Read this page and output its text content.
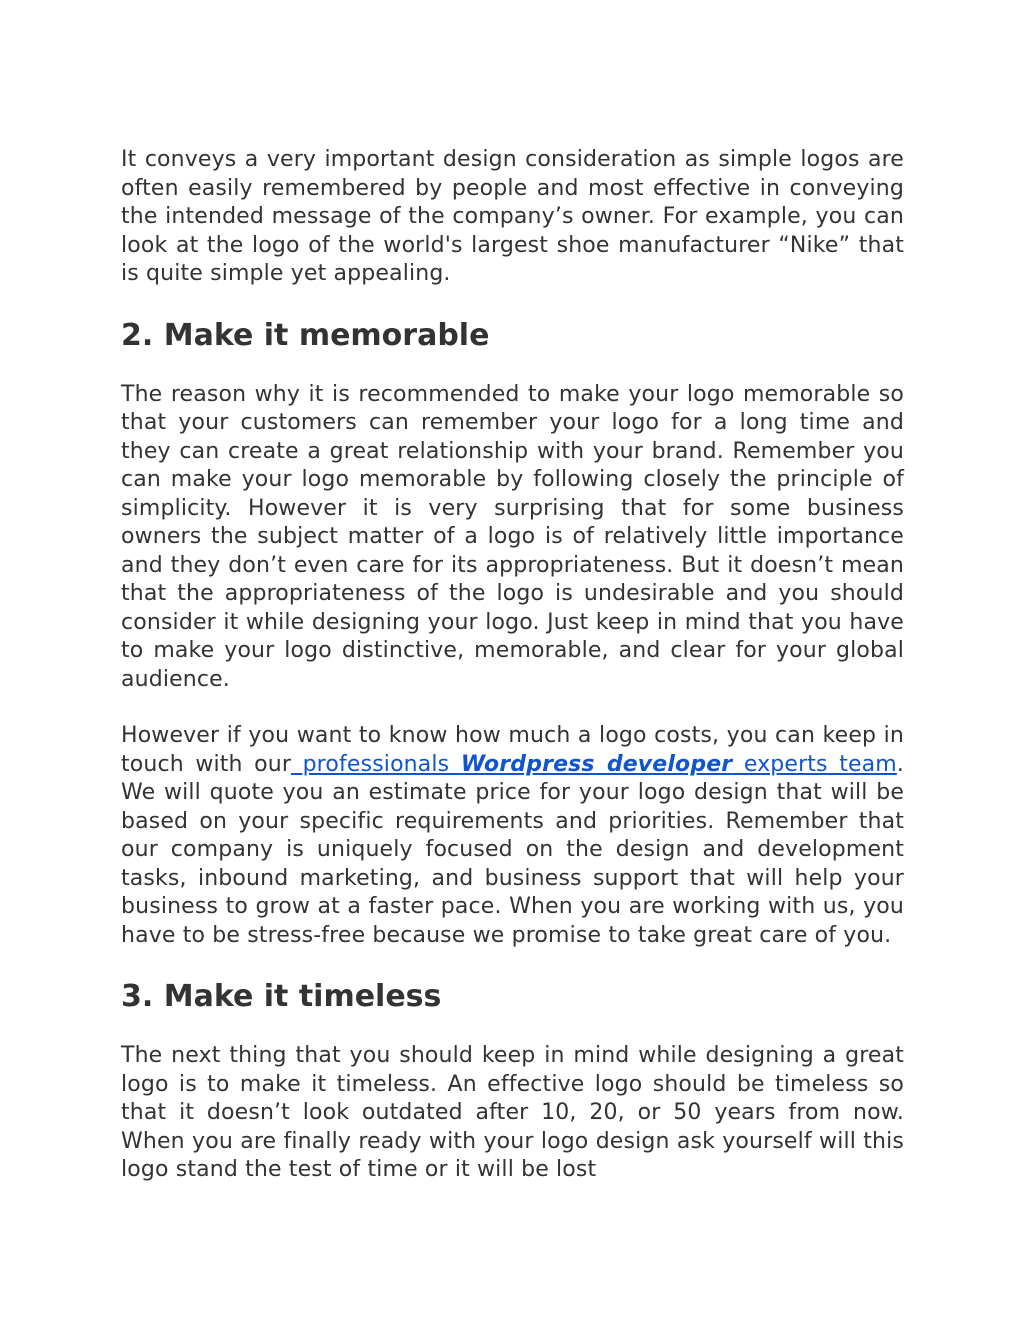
It conveys a very important design consideration as simple logos are often easily remembered by people and most effective in conveying the intended message of the company’s owner. For example, you can look at the logo of the world's largest shoe manufacturer “Nike” that is quite simple yet appealing.

2. Make it memorable

The reason why it is recommended to make your logo memorable so that your customers can remember your logo for a long time and they can create a great relationship with your brand. Remember you can make your logo memorable by following closely the principle of simplicity. However it is very surprising that for some business owners the subject matter of a logo is of relatively little importance and they don’t even care for its appropriateness. But it doesn’t mean that the appropriateness of the logo is undesirable and you should consider it while designing your logo. Just keep in mind that you have to make your logo distinctive, memorable, and clear for your global audience.

However if you want to know how much a logo costs, you can keep in touch with our professionals Wordpress developer experts team. We will quote you an estimate price for your logo design that will be based on your specific requirements and priorities. Remember that our company is uniquely focused on the design and development tasks, inbound marketing, and business support that will help your business to grow at a faster pace. When you are working with us, you have to be stress-free because we promise to take great care of you.

3. Make it timeless

The next thing that you should keep in mind while designing a great logo is to make it timeless. An effective logo should be timeless so that it doesn’t look outdated after 10, 20, or 50 years from now. When you are finally ready with your logo design ask yourself will this logo stand the test of time or it will be lost
